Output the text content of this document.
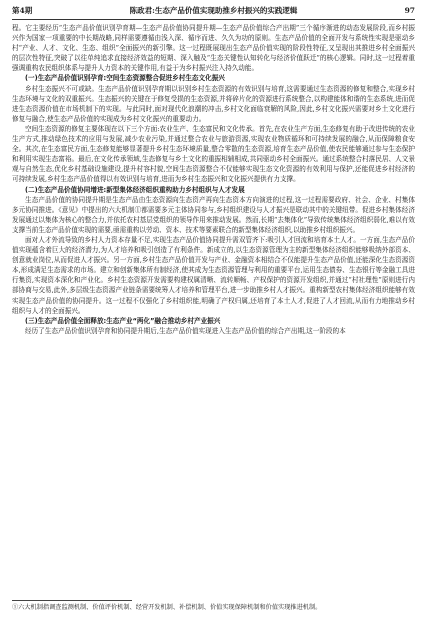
第4期	陈政君:生态产品价值实现助推乡村振兴的实践逻辑	97

程。它主要经历“生态产品价值识别孕育期—生态产品价值协同提升期—生态产品价值综合产出期”三个循序渐进的动态发展阶段,而乡村振兴作为国家一项重要的中长期战略,同样需要遵循由浅入深、循序而进、久久为功的原则。生态产品价值的全面开发与系统性实现是驱动乡村“产业、人才、文化、生态、组织”全面振兴的新引擎。这一过程既展现出生态产品价值实现的阶段性特征,又呈现出其推进乡村全面振兴的层次性特征,突破了以往单纯追求直接经济效益的短期、深入触及“生态关键性认知转化与经济价值跃迁”的核心逻辑。同时,这一过程着重强调重构农民组织体系与提升人力资本的关键作用,有益于为乡村振兴注入持久动能。

(一)生态产品价值识别孕育:空间生态资源整合促进乡村生态文化振兴

乡村生态振兴不可或缺。生态产品价值识别孕育期以识别乡村生态资源的有效识别与培育,这需要通过生态资源的修复和整合,实现乡村生态环境与文化的双重振兴。生态振兴的关键在于修复受损的生态资源,并将碎片化的资源进行系统整合,以构建能体和谐的生态系统,进而促进生态资源价值在市场机制下的实现。与此同时,面对现代化浪潮的冲击,乡村文化面临衰解的风险,因此,乡村文化振兴需要对乡土文化进行修复与融合,使生态产品价值的实现成为乡村文化振兴的重要动力。

空间生态资源的修复主要体现在以下三个方面:农业生产、生态富民和文化传承。首先,在农业生产方面,生态修复有助于改进传统的农业生产方式,推动绿色技术的应用与发展,减少农业污染,并通过整合农业与旅游资源,实现农业物质循环和可持续发展的融合,从而保障粮食安全。其次,在生态富民方面,生态修复能够显著提升乡村生态环境质量,整合零散的生态资源,培育生态产品价值,使农民能够通过参与生态保护和利用实现生态富裕。最后,在文化传承领域,生态修复与乡土文化的重振相辅相成,共同驱动乡村全面振兴。通过系统整合村落民居、人文景观与自然生态,优化乡村基础设施建设,提升村容村貌,空间生态资源整合不仅能够实现生态文化资源的有效利用与保护,还能促进乡村经济的可持续发展,乡村生态产品价值得以有效识别与培育,进而为乡村生态振兴和文化振兴提供有力支撑。

(二)生态产品价值协同增进:新型集体经济组织重构助力乡村组织与人才发展

生态产品价值的协同提升期是生态产品由生态资源向生态资产再向生态资本方向演进的过程,这一过程需要政府、社会、企业、村集体多元协同推进。《意见》中提出的六大机制①都需要多元主体协同参与,乡村组织建设与人才振兴是联动其中的关键纽带。促进乡村集体经济发展通过以集体为核心的整合力,并依托农村基层党组织的领导作用来推动发展。然而,长期“去集体化”导致传统集体经济组织弱化,难以有效支撑当前生态产品价值实现的需要,亟需重构以劳动、资本、技术等要素联合的新型集体经济组织,以助推乡村组织振兴。

面对人才外流导致的乡村人力资本存量不足,实现生态产品价值协同提升需双管齐下:吸引人才回流和培育本土人才。一方面,生态产品价值实现蕴含着巨大的经济潜力,为人才培养和吸引创造了有利条件。新成立的,以生态资源管理为主的新型集体经济组织能够吸纳外部资本、创意就业岗位,从而促进人才振兴。另一方面,乡村生态产品价值开发与产业、金融资本相结合不仅能提升生态产品价值,还能深化生态资源资本,形成满足生态需求的市场。建立和创新集体所有制经济,使其成为生态资源管理与利用的重要平台,运用生态债券、生态银行等金融工具进行集资,实现资本深化和产业化。乡村生态资源开发需要构建权属清晰、流转顺畅、产权保护的资源开发组织,并通过“村社理性”原则进行内部协商与交易,此外,多层级生态资源产业链条需要统筹人才培养和管理平台,进一步助推乡村人才振兴。重构新型农村集体经济组织能够有效实现生态产品价值的协同提升。这一过程不仅强化了乡村组织能,明确了产权归属,还培育了本土人才,促进了人才回流,从而有力地推动乡村组织与人才的全面振兴。

(三)生态产品价值全面释放:生态产业“两化”融合推动乡村产业振兴

经历了生态产品价值识别孕育和协同提升期后,生态产品价值实现进入生态产品价值的综合产出期,这一阶段的本

①六大机制指调查监测机制、价值评价机制、经营开发机制、补偿机制、价值实现保障机制和价值实现推进机制。
